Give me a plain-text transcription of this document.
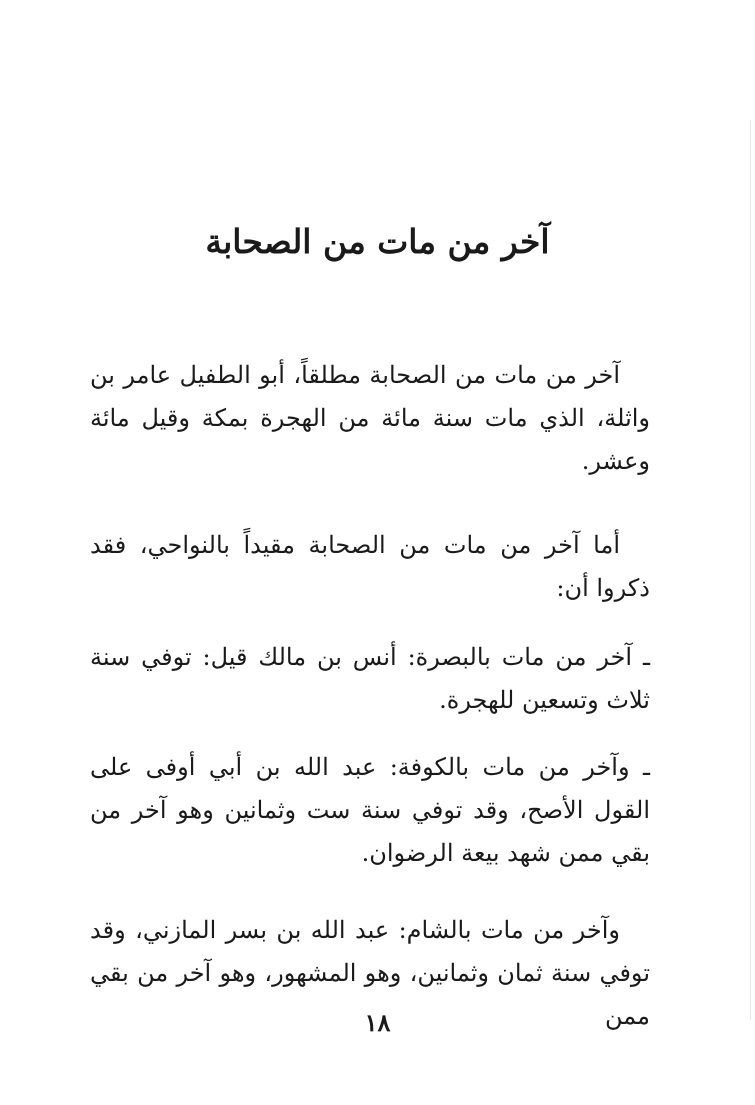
آخر من مات من الصحابة

آخر من مات من الصحابة مطلقاً، أبو الطفيل عامر بن واثلة، الذي مات سنة مائة من الهجرة بمكة وقيل مائة وعشر.

أما آخر من مات من الصحابة مقيداً بالنواحي، فقد ذكروا أن:

ـ آخر من مات بالبصرة: أنس بن مالك قيل: توفي سنة ثلاث وتسعين للهجرة.

ـ وآخر من مات بالكوفة: عبد الله بن أبي أوفى على القول الأصح، وقد توفي سنة ست وثمانين وهو آخر من بقي ممن شهد بيعة الرضوان.

وآخر من مات بالشام: عبد الله بن بسر المازني، وقد توفي سنة ثمان وثمانين، وهو المشهور، وهو آخر من بقي ممن

١٨
